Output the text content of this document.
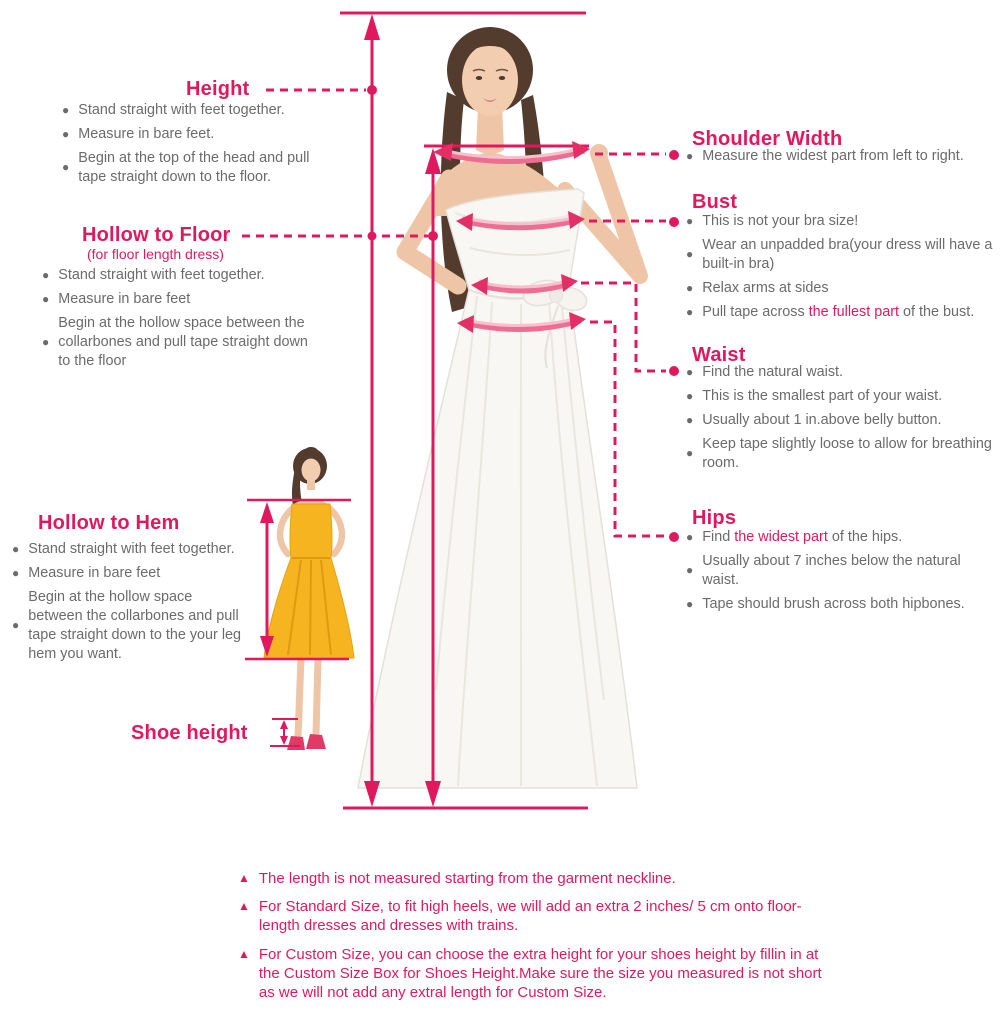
Height
● Stand straight with feet together.
● Measure in bare feet.
●
Begin at the top of the head and pull tape straight down to the floor.
Hollow to Floor
(for floor length dress)
● Stand straight with feet together.
● Measure in bare feet
●
Begin at the hollow space between the collarbones and pull tape straight down to the floor
Hollow to Hem
● Stand straight with feet together.
● Measure in bare feet
●
Begin at the hollow space between the collarbones and pull tape straight down to the your leg hem you want.
Shoe height
Shoulder Width
● Measure the widest part from left to right.
Bust
● This is not your bra size!
●
Wear an unpadded bra(your dress will have a built-in bra)
● Relax arms at sides
● Pull tape across the fullest part of the bust.
Waist
● Find the natural waist.
● This is the smallest part of your waist.
● Usually about 1 in.above belly button.
●
Keep tape slightly loose to allow for breathing room.
Hips
● Find the widest part of the hips.
●
Usually about 7 inches below the natural waist.
● Tape should brush across both hipbones.
▲ The length is not measured starting from the garment neckline.
▲ For Standard Size, to fit high heels, we will add an extra 2 inches/ 5 cm onto floor-length dresses and dresses with trains.
▲ For Custom Size, you can choose the extra height for your shoes height by fillin in at the Custom Size Box for Shoes Height.Make sure the size you measured is not short as we will not add any extral length for Custom Size.
